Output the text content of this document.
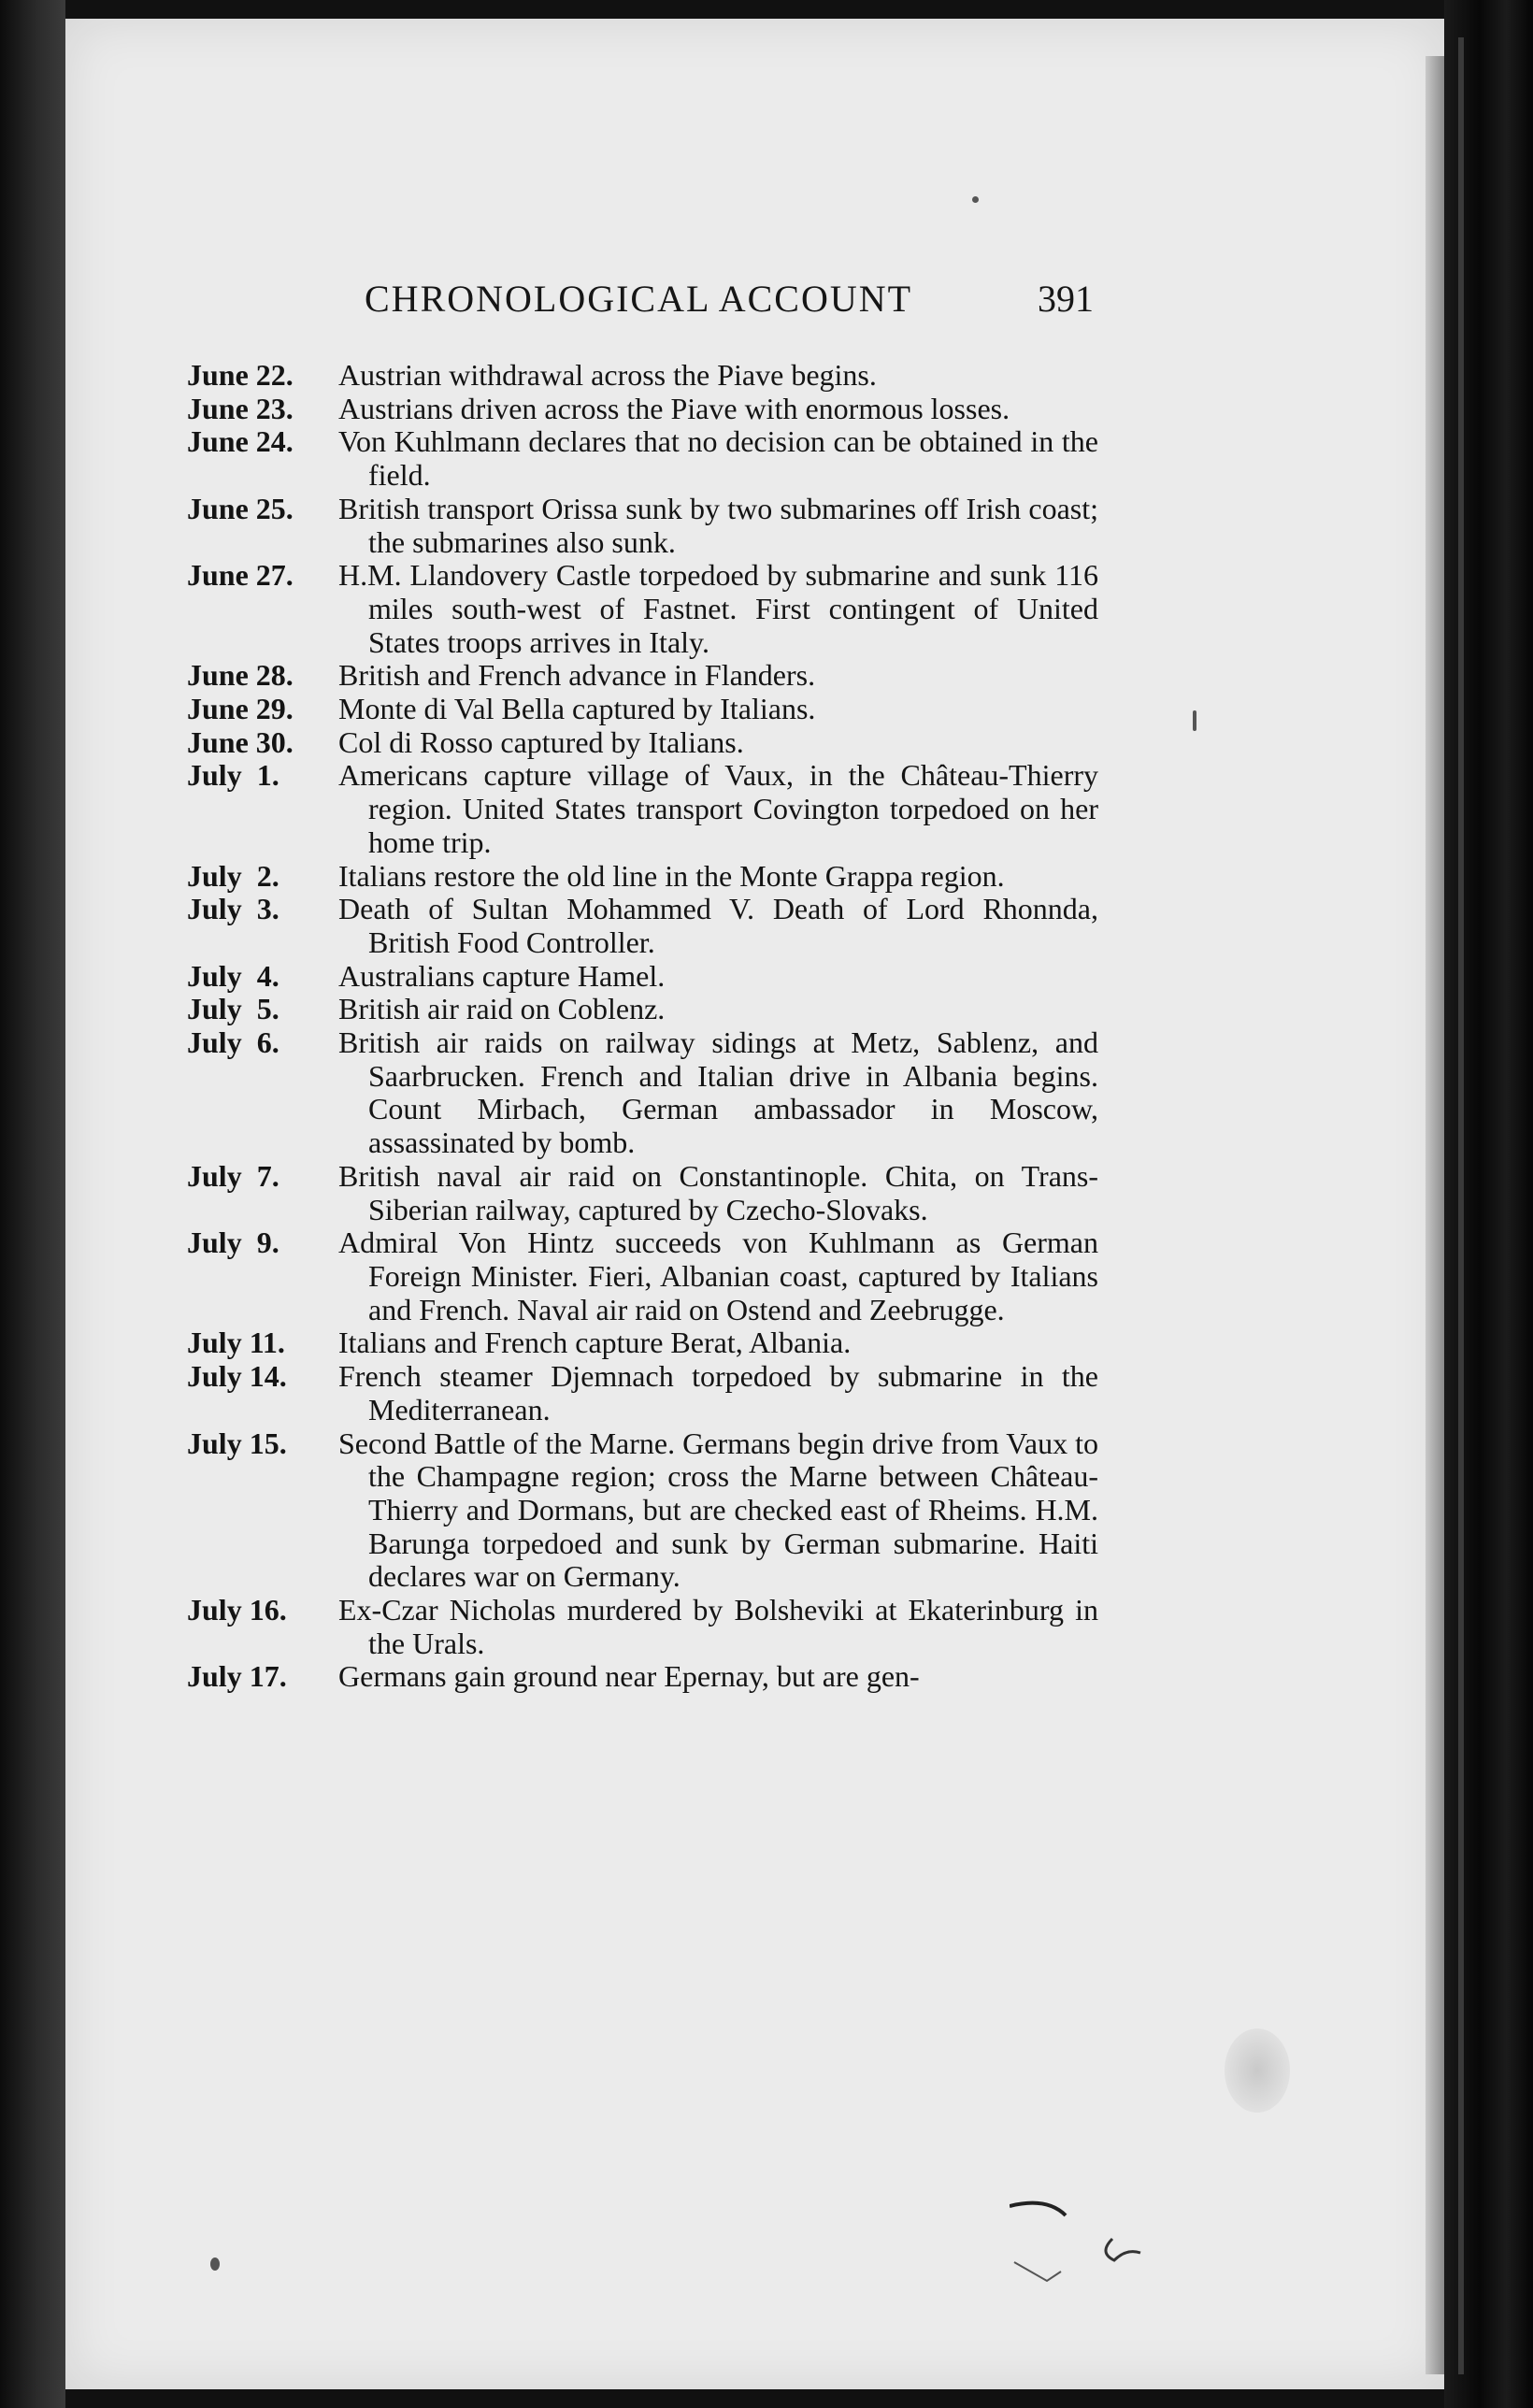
CHRONOLOGICAL ACCOUNT	391
June 22.	Austrian withdrawal across the Piave begins.
June 23.	Austrians driven across the Piave with enormous losses.
June 24.	Von Kuhlmann declares that no decision can be obtained in the field.
June 25.	British transport Orissa sunk by two submarines off Irish coast; the submarines also sunk.
June 27.	H.M. Llandovery Castle torpedoed by submarine and sunk 116 miles south-west of Fastnet. First contingent of United States troops arrives in Italy.
June 28.	British and French advance in Flanders.
June 29.	Monte di Val Bella captured by Italians.
June 30.	Col di Rosso captured by Italians.
July  1.	Americans capture village of Vaux, in the Château-Thierry region. United States transport Covington torpedoed on her home trip.
July  2.	Italians restore the old line in the Monte Grappa region.
July  3.	Death of Sultan Mohammed V. Death of Lord Rhonnda, British Food Controller.
July  4.	Australians capture Hamel.
July  5.	British air raid on Coblenz.
July  6.	British air raids on railway sidings at Metz, Sablenz, and Saarbrucken. French and Italian drive in Albania begins. Count Mirbach, German ambassador in Moscow, assassinated by bomb.
July  7.	British naval air raid on Constantinople. Chita, on Trans-Siberian railway, captured by Czecho-Slovaks.
July  9.	Admiral Von Hintz succeeds von Kuhlmann as German Foreign Minister. Fieri, Albanian coast, captured by Italians and French. Naval air raid on Ostend and Zeebrugge.
July 11.	Italians and French capture Berat, Albania.
July 14.	French steamer Djemnach torpedoed by submarine in the Mediterranean.
July 15.	Second Battle of the Marne. Germans begin drive from Vaux to the Champagne region; cross the Marne between Château-Thierry and Dormans, but are checked east of Rheims. H.M. Barunga torpedoed and sunk by German submarine. Haiti declares war on Germany.
July 16.	Ex-Czar Nicholas murdered by Bolsheviki at Ekaterinburg in the Urals.
July 17.	Germans gain ground near Epernay, but are gen-
